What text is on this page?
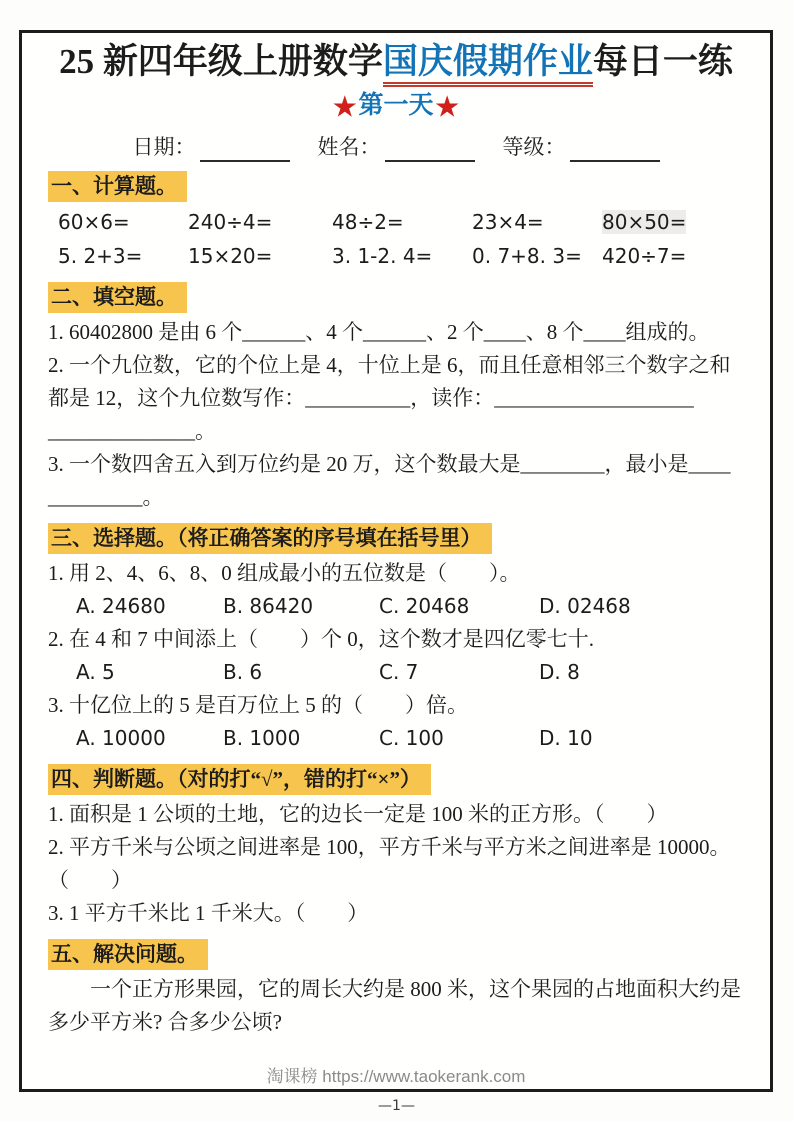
25 新四年级上册数学国庆假期作业每日一练
★第一天★
日期：	姓名：	等级：
一、计算题。
60×6=	240÷4=	48÷2=	23×4=	80×50=
5. 2+3=	15×20=	3. 1-2. 4=	0. 7+8. 3=	420÷7=
二、填空题。
1. 60402800 是由 6 个______、4 个______、2 个____、8 个____组成的。
2. 一个九位数，它的个位上是 4，十位上是 6，而且任意相邻三个数字之和
都是 12，这个九位数写作：__________，读作：___________________
______________。
3. 一个数四舍五入到万位约是 20 万，这个数最大是________，最小是____
_________。
三、选择题。（将正确答案的序号填在括号里）
1. 用 2、4、6、8、0 组成最小的五位数是（　　）。
A. 24680	B. 86420	C. 20468	D. 02468
2. 在 4 和 7 中间添上（　　）个 0，这个数才是四亿零七十.
A. 5	B. 6	C. 7	D. 8
3. 十亿位上的 5 是百万位上 5 的（　　）倍。
A. 10000	B. 1000	C. 100	D. 10
四、判断题。（对的打“√”，错的打“×”）
1. 面积是 1 公顷的土地，它的边长一定是 100 米的正方形。（　　）
2. 平方千米与公顷之间进率是 100，平方千米与平方米之间进率是 10000。
（　　）
3. 1 平方千米比 1 千米大。（　　）
五、解决问题。
一个正方形果园，它的周长大约是 800 米，这个果园的占地面积大约是
多少平方米? 合多少公顷?
淘课榜 https://www.taokerank.com
—1—
